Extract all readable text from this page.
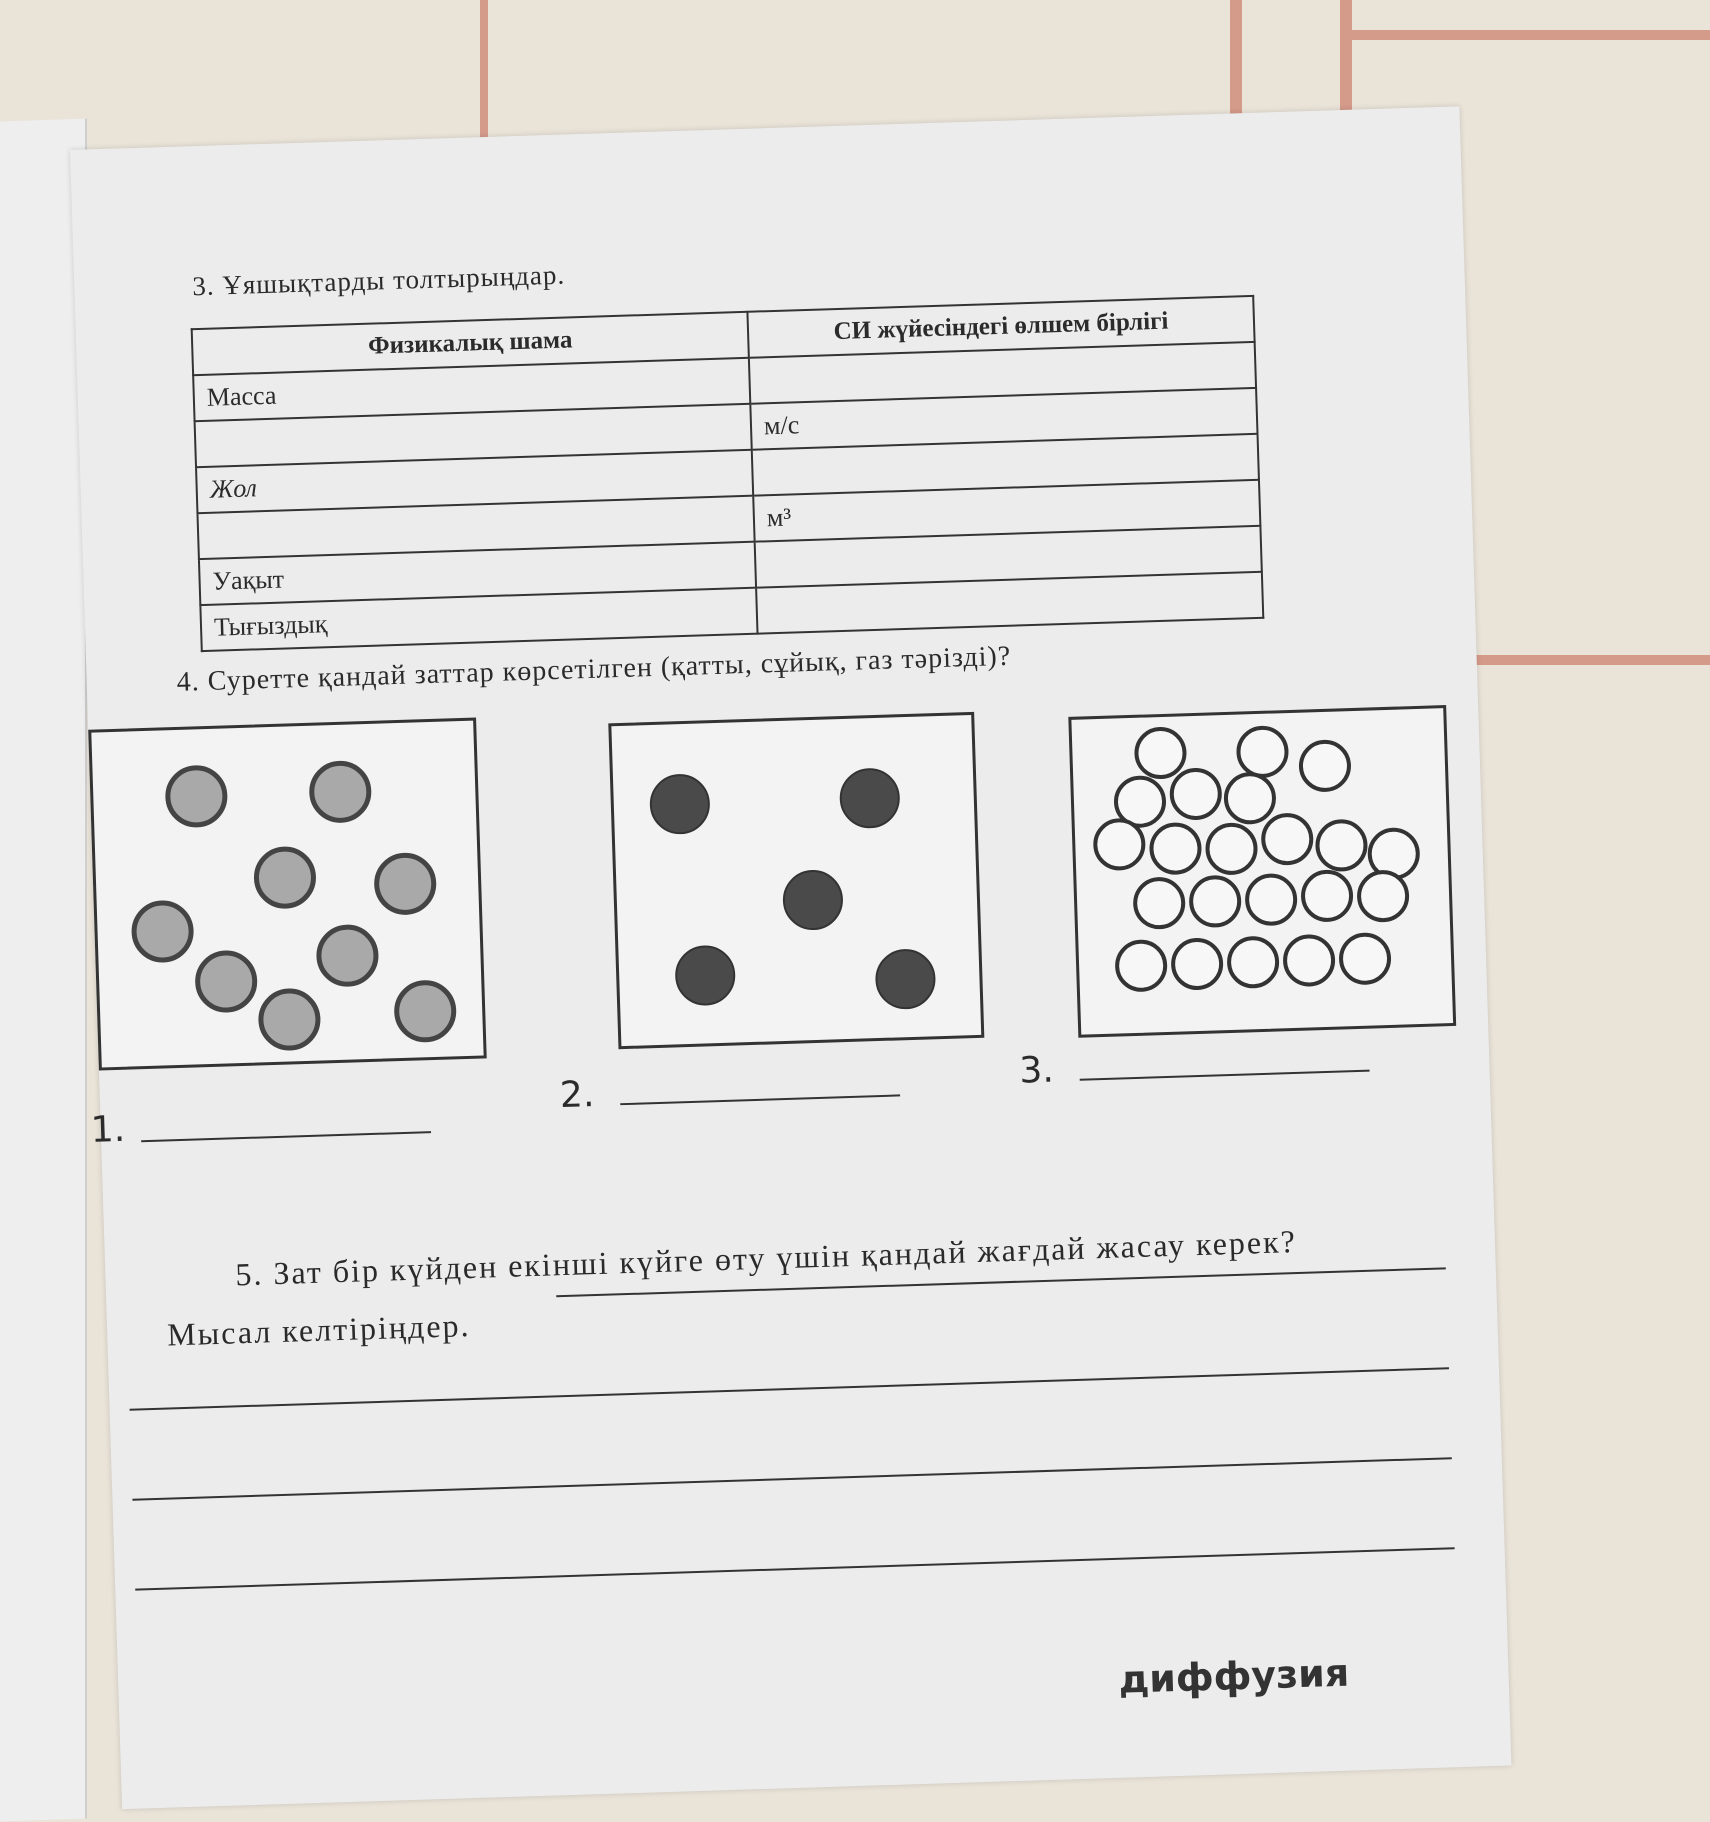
3. Ұяшықтарды толтырыңдар.
Физикалық шама	СИ жүйесіндегі өлшем бірлігі
Масса	
	м/с
Жол	
	м³
Уақыт	
Тығыздық	
4. Суретте қандай заттар көрсетілген (қатты, сұйық, газ тәрізді)?
1.
2.
3.
5. Зат бір күйден екінші күйге өту үшін қандай жағдай жасау керек?
Мысал келтіріңдер.
диффузия
